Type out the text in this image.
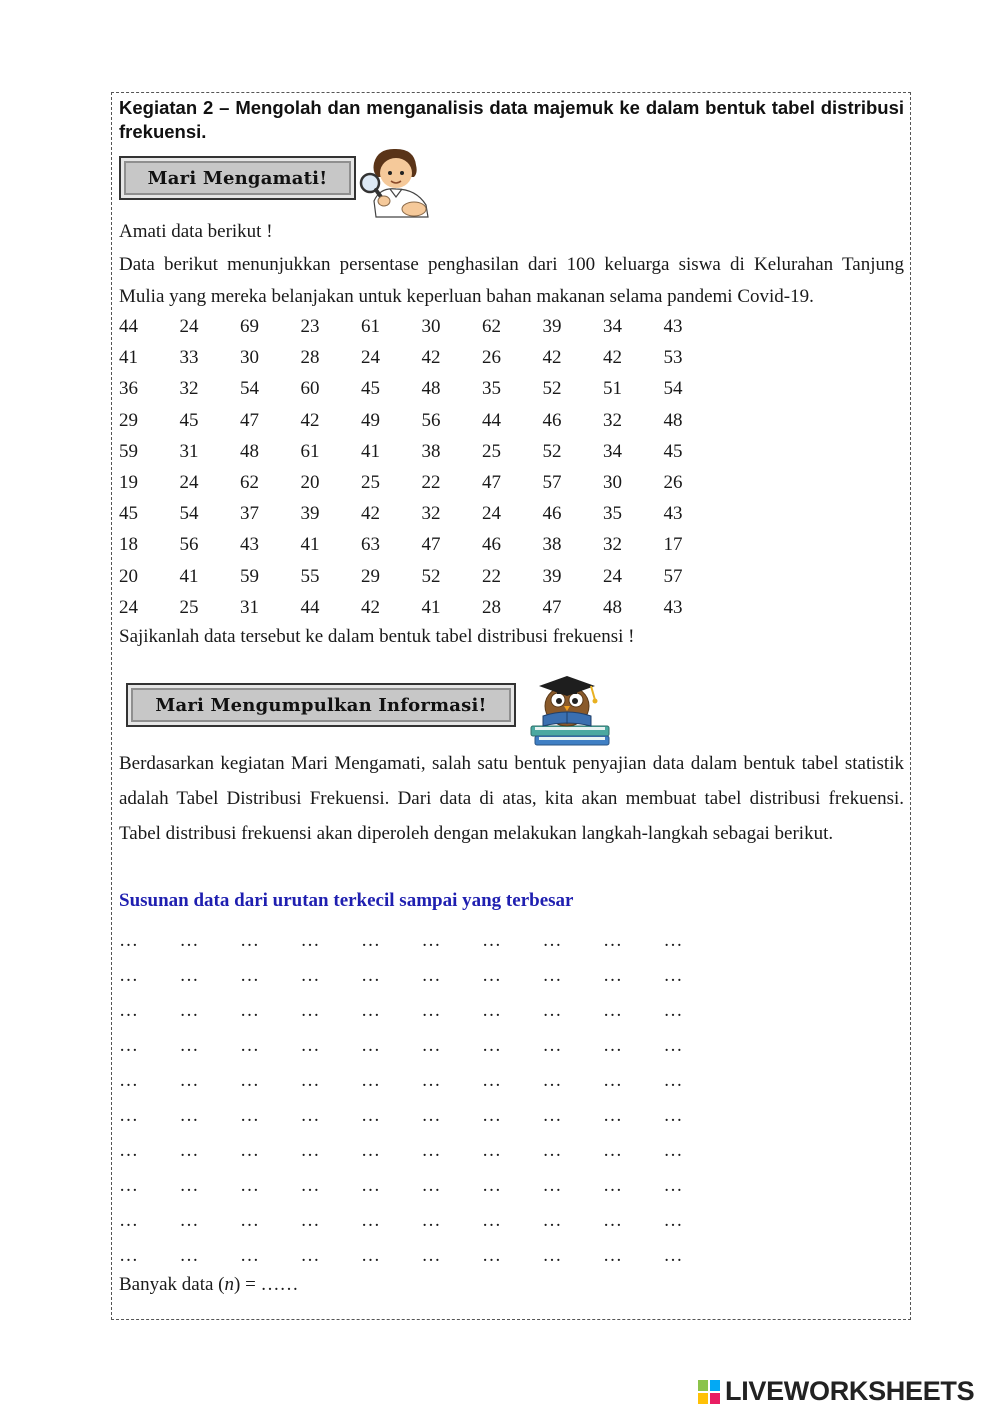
Kegiatan 2 – Mengolah dan menganalisis data majemuk ke dalam bentuk tabel distribusi frekuensi.
Mari Mengamati!
Amati data berikut !
Data berikut menunjukkan persentase penghasilan dari 100 keluarga siswa di Kelurahan Tanjung Mulia yang mereka belanjakan untuk keperluan bahan makanan selama pandemi Covid-19.
44	24	69	23	61	30	62	39	34	43
41	33	30	28	24	42	26	42	42	53
36	32	54	60	45	48	35	52	51	54
29	45	47	42	49	56	44	46	32	48
59	31	48	61	41	38	25	52	34	45
19	24	62	20	25	22	47	57	30	26
45	54	37	39	42	32	24	46	35	43
18	56	43	41	63	47	46	38	32	17
20	41	59	55	29	52	22	39	24	57
24	25	31	44	42	41	28	47	48	43
Sajikanlah data tersebut ke dalam bentuk tabel distribusi frekuensi !
Mari Mengumpulkan Informasi!
Berdasarkan kegiatan Mari Mengamati, salah satu bentuk penyajian data dalam bentuk tabel statistik adalah Tabel Distribusi Frekuensi. Dari data di atas, kita akan membuat tabel distribusi frekuensi. Tabel distribusi frekuensi akan diperoleh dengan melakukan langkah-langkah sebagai berikut.
Susunan data dari urutan terkecil sampai yang terbesar
…	…	…	…	…	…	…	…	…	…
…	…	…	…	…	…	…	…	…	…
…	…	…	…	…	…	…	…	…	…
…	…	…	…	…	…	…	…	…	…
…	…	…	…	…	…	…	…	…	…
…	…	…	…	…	…	…	…	…	…
…	…	…	…	…	…	…	…	…	…
…	…	…	…	…	…	…	…	…	…
…	…	…	…	…	…	…	…	…	…
…	…	…	…	…	…	…	…	…	…
Banyak data (n) = ……
LIVEWORKSHEETS
